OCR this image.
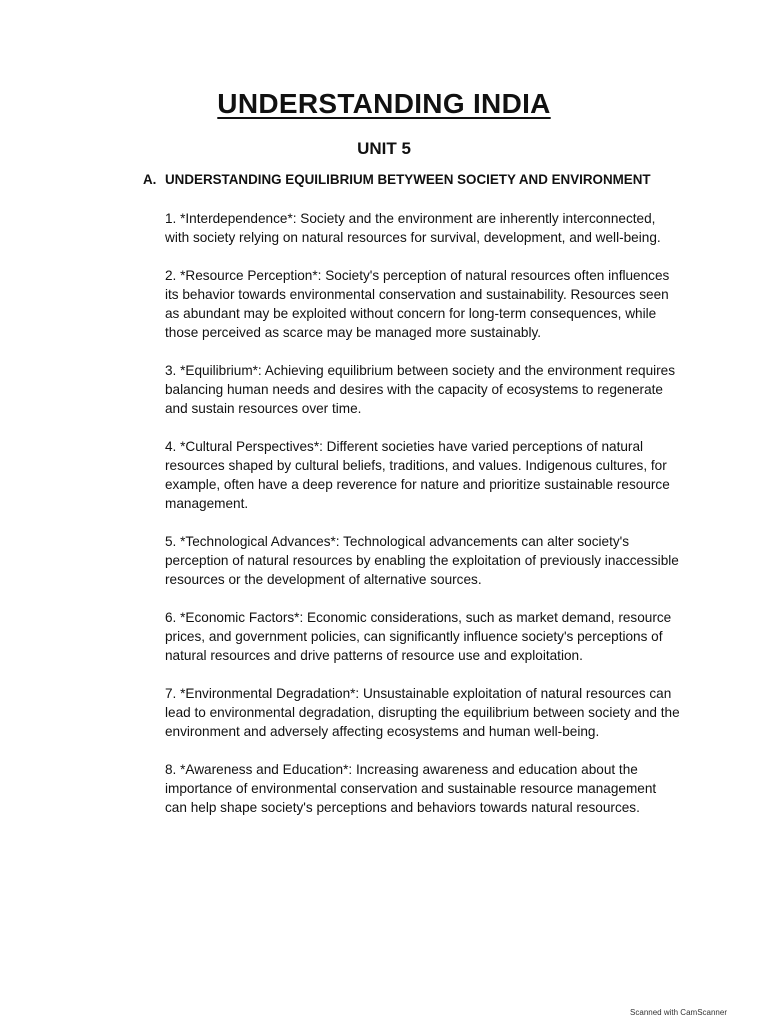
UNDERSTANDING INDIA
UNIT 5
A. UNDERSTANDING EQUILIBRIUM BETYWEEN SOCIETY AND ENVIRONMENT

1. *Interdependence*: Society and the environment are inherently interconnected, with society relying on natural resources for survival, development, and well-being.

2. *Resource Perception*: Society's perception of natural resources often influences its behavior towards environmental conservation and sustainability. Resources seen as abundant may be exploited without concern for long-term consequences, while those perceived as scarce may be managed more sustainably.

3. *Equilibrium*: Achieving equilibrium between society and the environment requires balancing human needs and desires with the capacity of ecosystems to regenerate and sustain resources over time.

4. *Cultural Perspectives*: Different societies have varied perceptions of natural resources shaped by cultural beliefs, traditions, and values. Indigenous cultures, for example, often have a deep reverence for nature and prioritize sustainable resource management.

5. *Technological Advances*: Technological advancements can alter society's perception of natural resources by enabling the exploitation of previously inaccessible resources or the development of alternative sources.

6. *Economic Factors*: Economic considerations, such as market demand, resource prices, and government policies, can significantly influence society's perceptions of natural resources and drive patterns of resource use and exploitation.

7. *Environmental Degradation*: Unsustainable exploitation of natural resources can lead to environmental degradation, disrupting the equilibrium between society and the environment and adversely affecting ecosystems and human well-being.

8. *Awareness and Education*: Increasing awareness and education about the importance of environmental conservation and sustainable resource management can help shape society's perceptions and behaviors towards natural resources.

Scanned with CamScanner
